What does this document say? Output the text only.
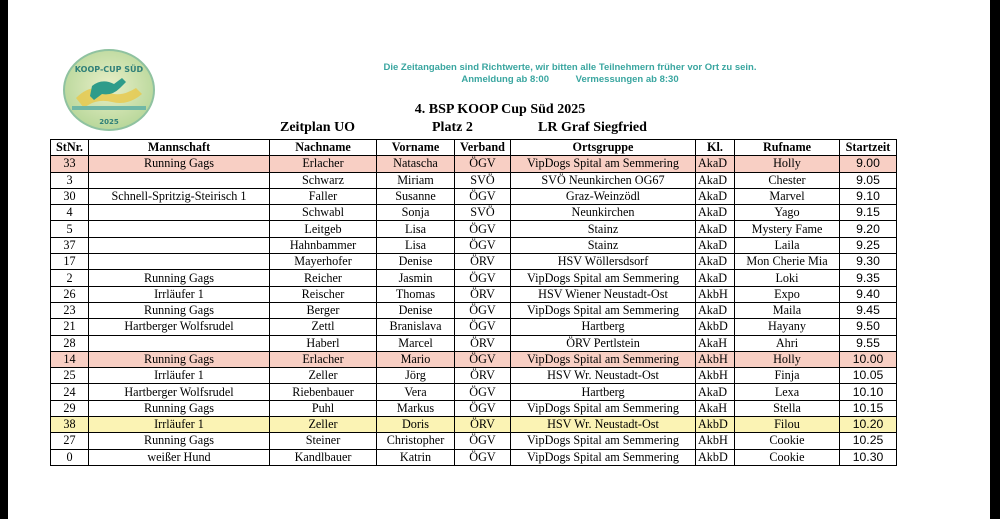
KOOP-CUP SÜD
2025
Die Zeitangaben sind Richtwerte, wir bitten alle Teilnehmern früher vor Ort zu sein.
Anmeldung ab 8:00	Vermessungen ab 8:30
4. BSP KOOP Cup Süd 2025
Zeitplan UO	Platz 2	LR Graf Siegfried
StNr.	Mannschaft	Nachname	Vorname	Verband	Ortsgruppe	Kl.	Rufname	Startzeit
33	Running Gags	Erlacher	Natascha	ÖGV	VipDogs Spital am Semmering	AkaD	Holly	9.00
3		Schwarz	Miriam	SVÖ	SVÖ Neunkirchen OG67	AkaD	Chester	9.05
30	Schnell-Spritzig-Steirisch 1	Faller	Susanne	ÖGV	Graz-Weinzödl	AkaD	Marvel	9.10
4		Schwabl	Sonja	SVÖ	Neunkirchen	AkaD	Yago	9.15
5		Leitgeb	Lisa	ÖGV	Stainz	AkaD	Mystery Fame	9.20
37		Hahnbammer	Lisa	ÖGV	Stainz	AkaD	Laila	9.25
17		Mayerhofer	Denise	ÖRV	HSV Wöllersdsorf	AkaD	Mon Cherie Mia	9.30
2	Running Gags	Reicher	Jasmin	ÖGV	VipDogs Spital am Semmering	AkaD	Loki	9.35
26	Irrläufer 1	Reischer	Thomas	ÖRV	HSV Wiener Neustadt-Ost	AkbH	Expo	9.40
23	Running Gags	Berger	Denise	ÖGV	VipDogs Spital am Semmering	AkaD	Maila	9.45
21	Hartberger Wolfsrudel	Zettl	Branislava	ÖGV	Hartberg	AkbD	Hayany	9.50
28		Haberl	Marcel	ÖRV	ÖRV Pertlstein	AkaH	Ahri	9.55
14	Running Gags	Erlacher	Mario	ÖGV	VipDogs Spital am Semmering	AkbH	Holly	10.00
25	Irrläufer 1	Zeller	Jörg	ÖRV	HSV Wr. Neustadt-Ost	AkbH	Finja	10.05
24	Hartberger Wolfsrudel	Riebenbauer	Vera	ÖGV	Hartberg	AkaD	Lexa	10.10
29	Running Gags	Puhl	Markus	ÖGV	VipDogs Spital am Semmering	AkaH	Stella	10.15
38	Irrläufer 1	Zeller	Doris	ÖRV	HSV Wr. Neustadt-Ost	AkbD	Filou	10.20
27	Running Gags	Steiner	Christopher	ÖGV	VipDogs Spital am Semmering	AkbH	Cookie	10.25
0	weißer Hund	Kandlbauer	Katrin	ÖGV	VipDogs Spital am Semmering	AkbD	Cookie	10.30
